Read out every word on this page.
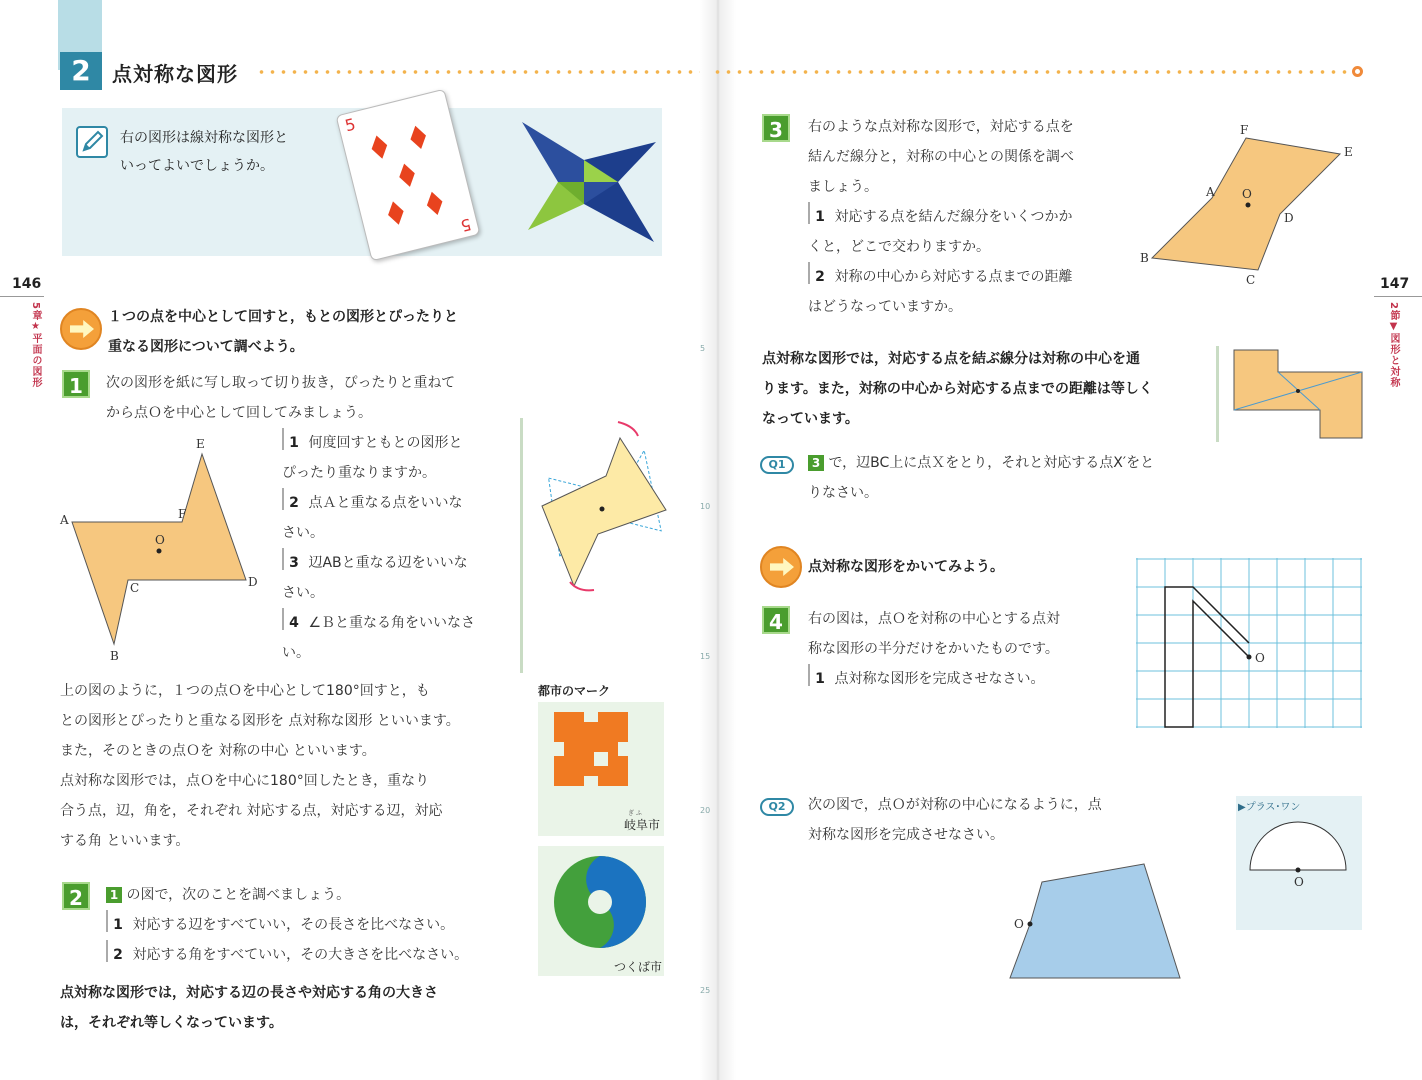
2	点対称な図形
右の図形は線対称な図形と
いってよいでしょうか。
5
5
146
5章★平面の図形	１つの点を中心として回すと，もとの図形とぴったりと
重なる図形について調べよう。
1	次の図形を紙に写し取って切り抜き，ぴったりと重ねて
から点Ｏを中心として回してみましょう。
A
B
C	D
E
F
O
1 何度回すともとの図形と
ぴったり重なりますか。
2 点Ａと重なる点をいいな
さい。
3 辺ABと重なる辺をいいな
さい。
4 ∠Ｂと重なる角をいいなさ
い。
上の図のように，１つの点Ｏを中心として180°回すと，も
との図形とぴったりと重なる図形を 点対称な図形 といいます。
また，そのときの点Ｏを 対称の中心 といいます。
点対称な図形では，点Ｏを中心に180°回したとき，重なり
合う点，辺，角を，それぞれ 対応する点，対応する辺，対応
する角 といいます。
都市のマーク
ぎ ふ
岐阜市
つくば市
2	1 の図で，次のことを調べましょう。
1 対応する辺をすべていい，その長さを比べなさい。
2 対応する角をすべていい，その大きさを比べなさい。
点対称な図形では，対応する辺の長さや対応する角の大きさ
は，それぞれ等しくなっています。
5
10
15
20
25
3	右のような点対称な図形で，対応する点を
結んだ線分と，対称の中心との関係を調べ
ましょう。
1 対応する点を結んだ線分をいくつかか
くと，どこで交わりますか。
2 対称の中心から対応する点までの距離
はどうなっていますか。
F
E
A O
D
B
C	147
2節▼図形と対称
点対称な図形では，対応する点を結ぶ線分は対称の中心を通
ります。また，対称の中心から対応する点までの距離は等しく
なっています。
Q1	3 で，辺BC上に点Ｘをとり，それと対応する点X′をと
りなさい。
点対称な図形をかいてみよう。
4	右の図は，点Ｏを対称の中心とする点対
称な図形の半分だけをかいたものです。
1 点対称な図形を完成させなさい。
O
Q2	次の図で，点Ｏが対称の中心になるように，点
対称な図形を完成させなさい。
O
▶プラス･ワン
O
